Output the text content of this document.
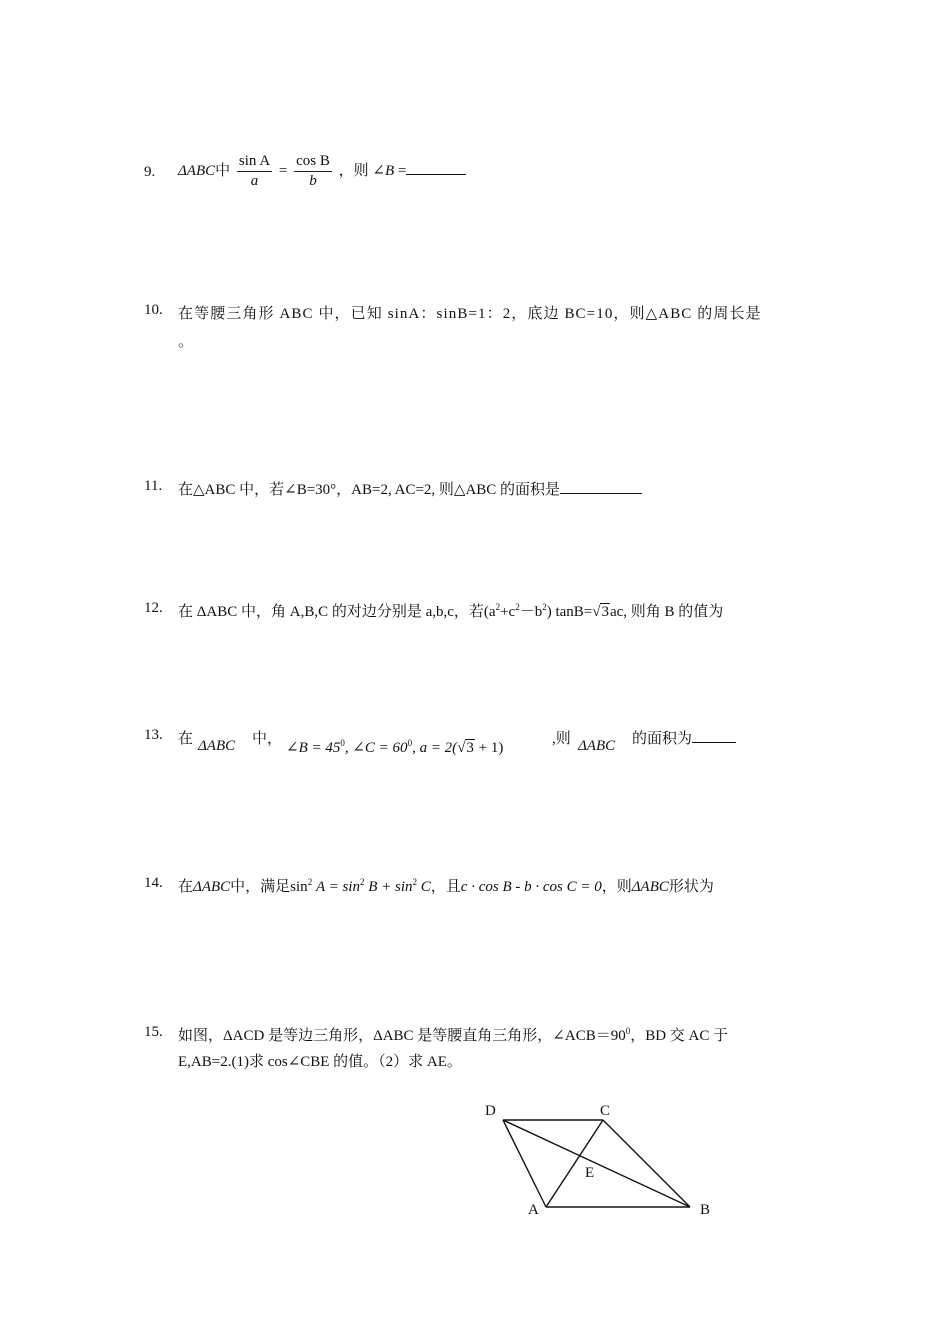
9. ΔABC中 $\frac{\text{sin A}}{a} = \frac{\text{cos B}}{b}$ ，则 ∠B =
10. 在等腰三角形 ABC 中，已知 sinA：sinB=1：2，底边 BC=10，则△ABC 的周长是
。
11. 在△ABC 中，若∠B=30°，AB=2, AC=2, 则△ABC 的面积是
12. 在 ΔABC 中，角 A,B,C 的对边分别是 a,b,c，若$(a^2+c^2-b^2)$ tanB=√3ac, 则角 B 的值为
13. 在 ΔABC 中，
∠B = $45^0$, ∠C = $60^0$, a = 2(√3 + 1)
,则 ΔABC 的面积为
14. 在ΔABC中，满足$\sin^2 A = \sin^2 B + \sin^2 C$，且c · cos B - b · cos C = 0，则ΔABC形状为
15. 如图，ΔACD 是等边三角形，ΔABC 是等腰直角三角形，$\angle ACB=90^0$，BD 交 AC 于
E,AB=2.(1)求 cos∠CBE 的值。（2）求 AE。
D	C
E
A	B
